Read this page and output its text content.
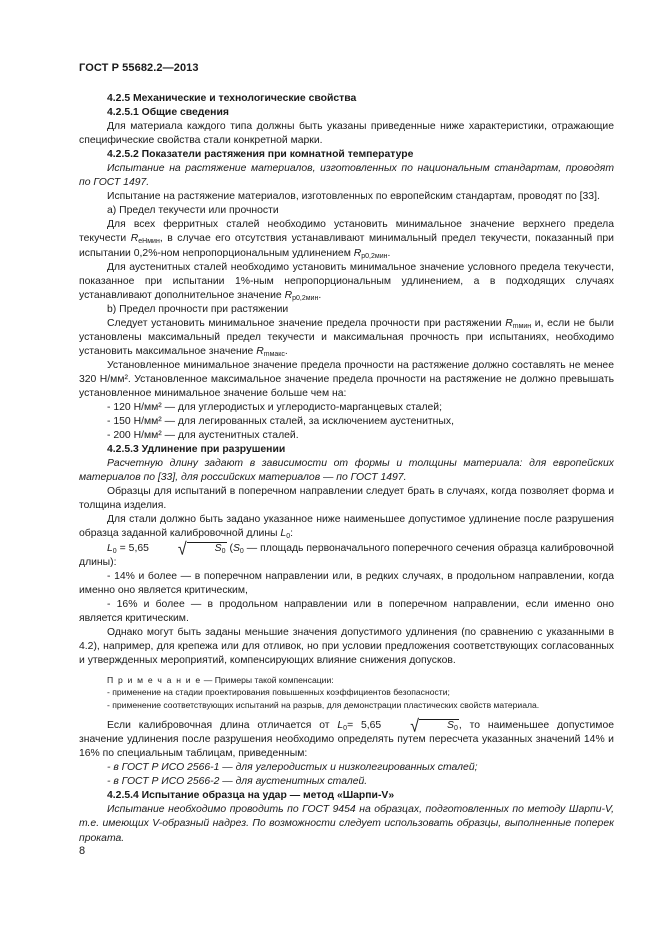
ГОСТ Р 55682.2—2013

4.2.5 Механические и технологические свойства

4.2.5.1 Общие сведения

Для материала каждого типа должны быть указаны приведенные ниже характеристики, отражающие специфические свойства стали конкретной марки.

4.2.5.2 Показатели растяжения при комнатной температуре

Испытание на растяжение материалов, изготовленных по национальным стандартам, проводят по ГОСТ 1497.

Испытание на растяжение материалов, изготовленных по европейским стандартам, проводят по [33].

a) Предел текучести или прочности

Для всех ферритных сталей необходимо установить минимальное значение верхнего предела текучести $R_{eHмин}$, в случае его отсутствия устанавливают минимальный предел текучести, показанный при испытании 0,2%-ном непропорциональным удлинением $R_{p0,2мин}$.

Для аустенитных сталей необходимо установить минимальное значение условного предела текучести, показанное при испытании 1%-ным непропорциональным удлинением, а в подходящих случаях устанавливают дополнительное значение $R_{p0,2мин}$.

b) Предел прочности при растяжении

Следует установить минимальное значение предела прочности при растяжении $R_{mмин}$ и, если не были установлены максимальный предел текучести и максимальная прочность при испытаниях, необходимо установить максимальное значение $R_{mмакс}$.

Установленное минимальное значение предела прочности на растяжение должно составлять не менее 320 Н/мм². Установленное максимальное значение предела прочности на растяжение не должно превышать установленное минимальное значение больше чем на:

- 120 Н/мм² — для углеродистых и углеродисто-марганцевых сталей;

- 150 Н/мм² — для легированных сталей, за исключением аустенитных,

- 200 Н/мм² — для аустенитных сталей.

4.2.5.3 Удлинение при разрушении

Расчетную длину задают в зависимости от формы и толщины материала: для европейских материалов по [33], для российских материалов — по ГОСТ 1497.

Образцы для испытаний в поперечном направлении следует брать в случаях, когда позволяет форма и толщина изделия.

Для стали должно быть задано указанное ниже наименьшее допустимое удлинение после разрушения образца заданной калибровочной длины $L_0$:

$L_0 = 5,65$ √	$S_0$ ($S_0$ — площадь первоначального поперечного сечения образца калибровочной длины):

- 14% и более — в поперечном направлении или, в редких случаях, в продольном направлении, когда именно оно является критическим,

- 16% и более — в продольном направлении или в поперечном направлении, если именно оно является критическим.

Однако могут быть заданы меньшие значения допустимого удлинения (по сравнению с указанными в 4.2), например, для крепежа или для отливок, но при условии предложения соответствующих согласованных и утвержденных мероприятий, компенсирующих влияние снижения допусков.

П р и м е ч а н и е — Примеры такой компенсации:

- применение на стадии проектирования повышенных коэффициентов безопасности;

- применение соответствующих испытаний на разрыв, для демонстрации пластических свойств материала.

Если калибровочная длина отличается от $L_0= 5,65$ √	$S_0$, то наименьшее допустимое значение удлинения после разрушения необходимо определять путем пересчета указанных значений 14% и 16% по специальным таблицам, приведенным:

- в ГОСТ Р ИСО 2566-1 — для углеродистых и низколегированных сталей;

- в ГОСТ Р ИСО 2566-2 — для аустенитных сталей.

4.2.5.4 Испытание образца на удар — метод «Шарпи-V»

Испытание необходимо проводить по ГОСТ 9454 на образцах, подготовленных по методу Шарпи-V, т.е. имеющих V-образный надрез. По возможности следует использовать образцы, выполненные поперек проката.

8
